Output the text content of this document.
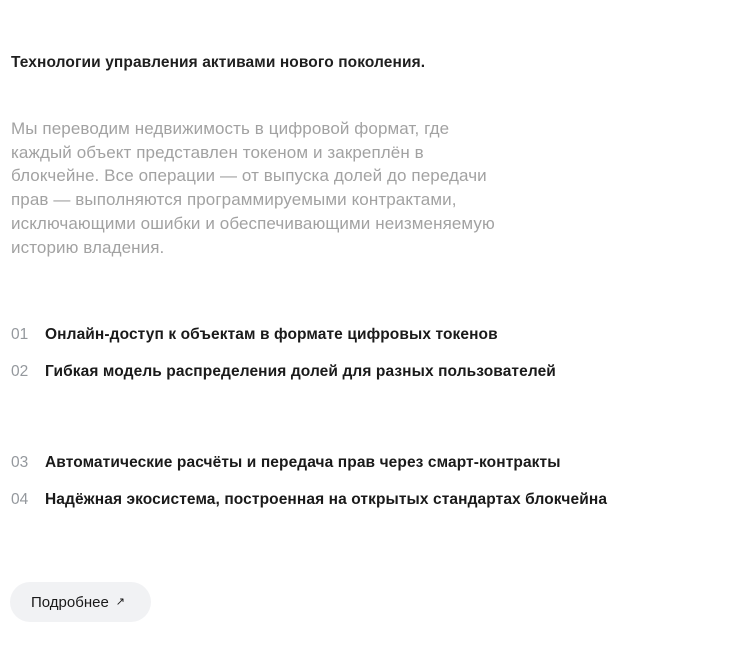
Технологии управления активами нового поколения.
Мы переводим недвижимость в цифровой формат, где
каждый объект представлен токеном и закреплён в
блокчейне. Все операции — от выпуска долей до передачи
прав — выполняются программируемыми контрактами,
исключающими ошибки и обеспечивающими неизменяемую
историю владения.
01	Онлайн-доступ к объектам в формате цифровых токенов
02	Гибкая модель распределения долей для разных пользователей
03	Автоматические расчёты и передача прав через смарт-контракты
04	Надёжная экосистема, построенная на открытых стандартах блокчейна
Подробнее ↗
